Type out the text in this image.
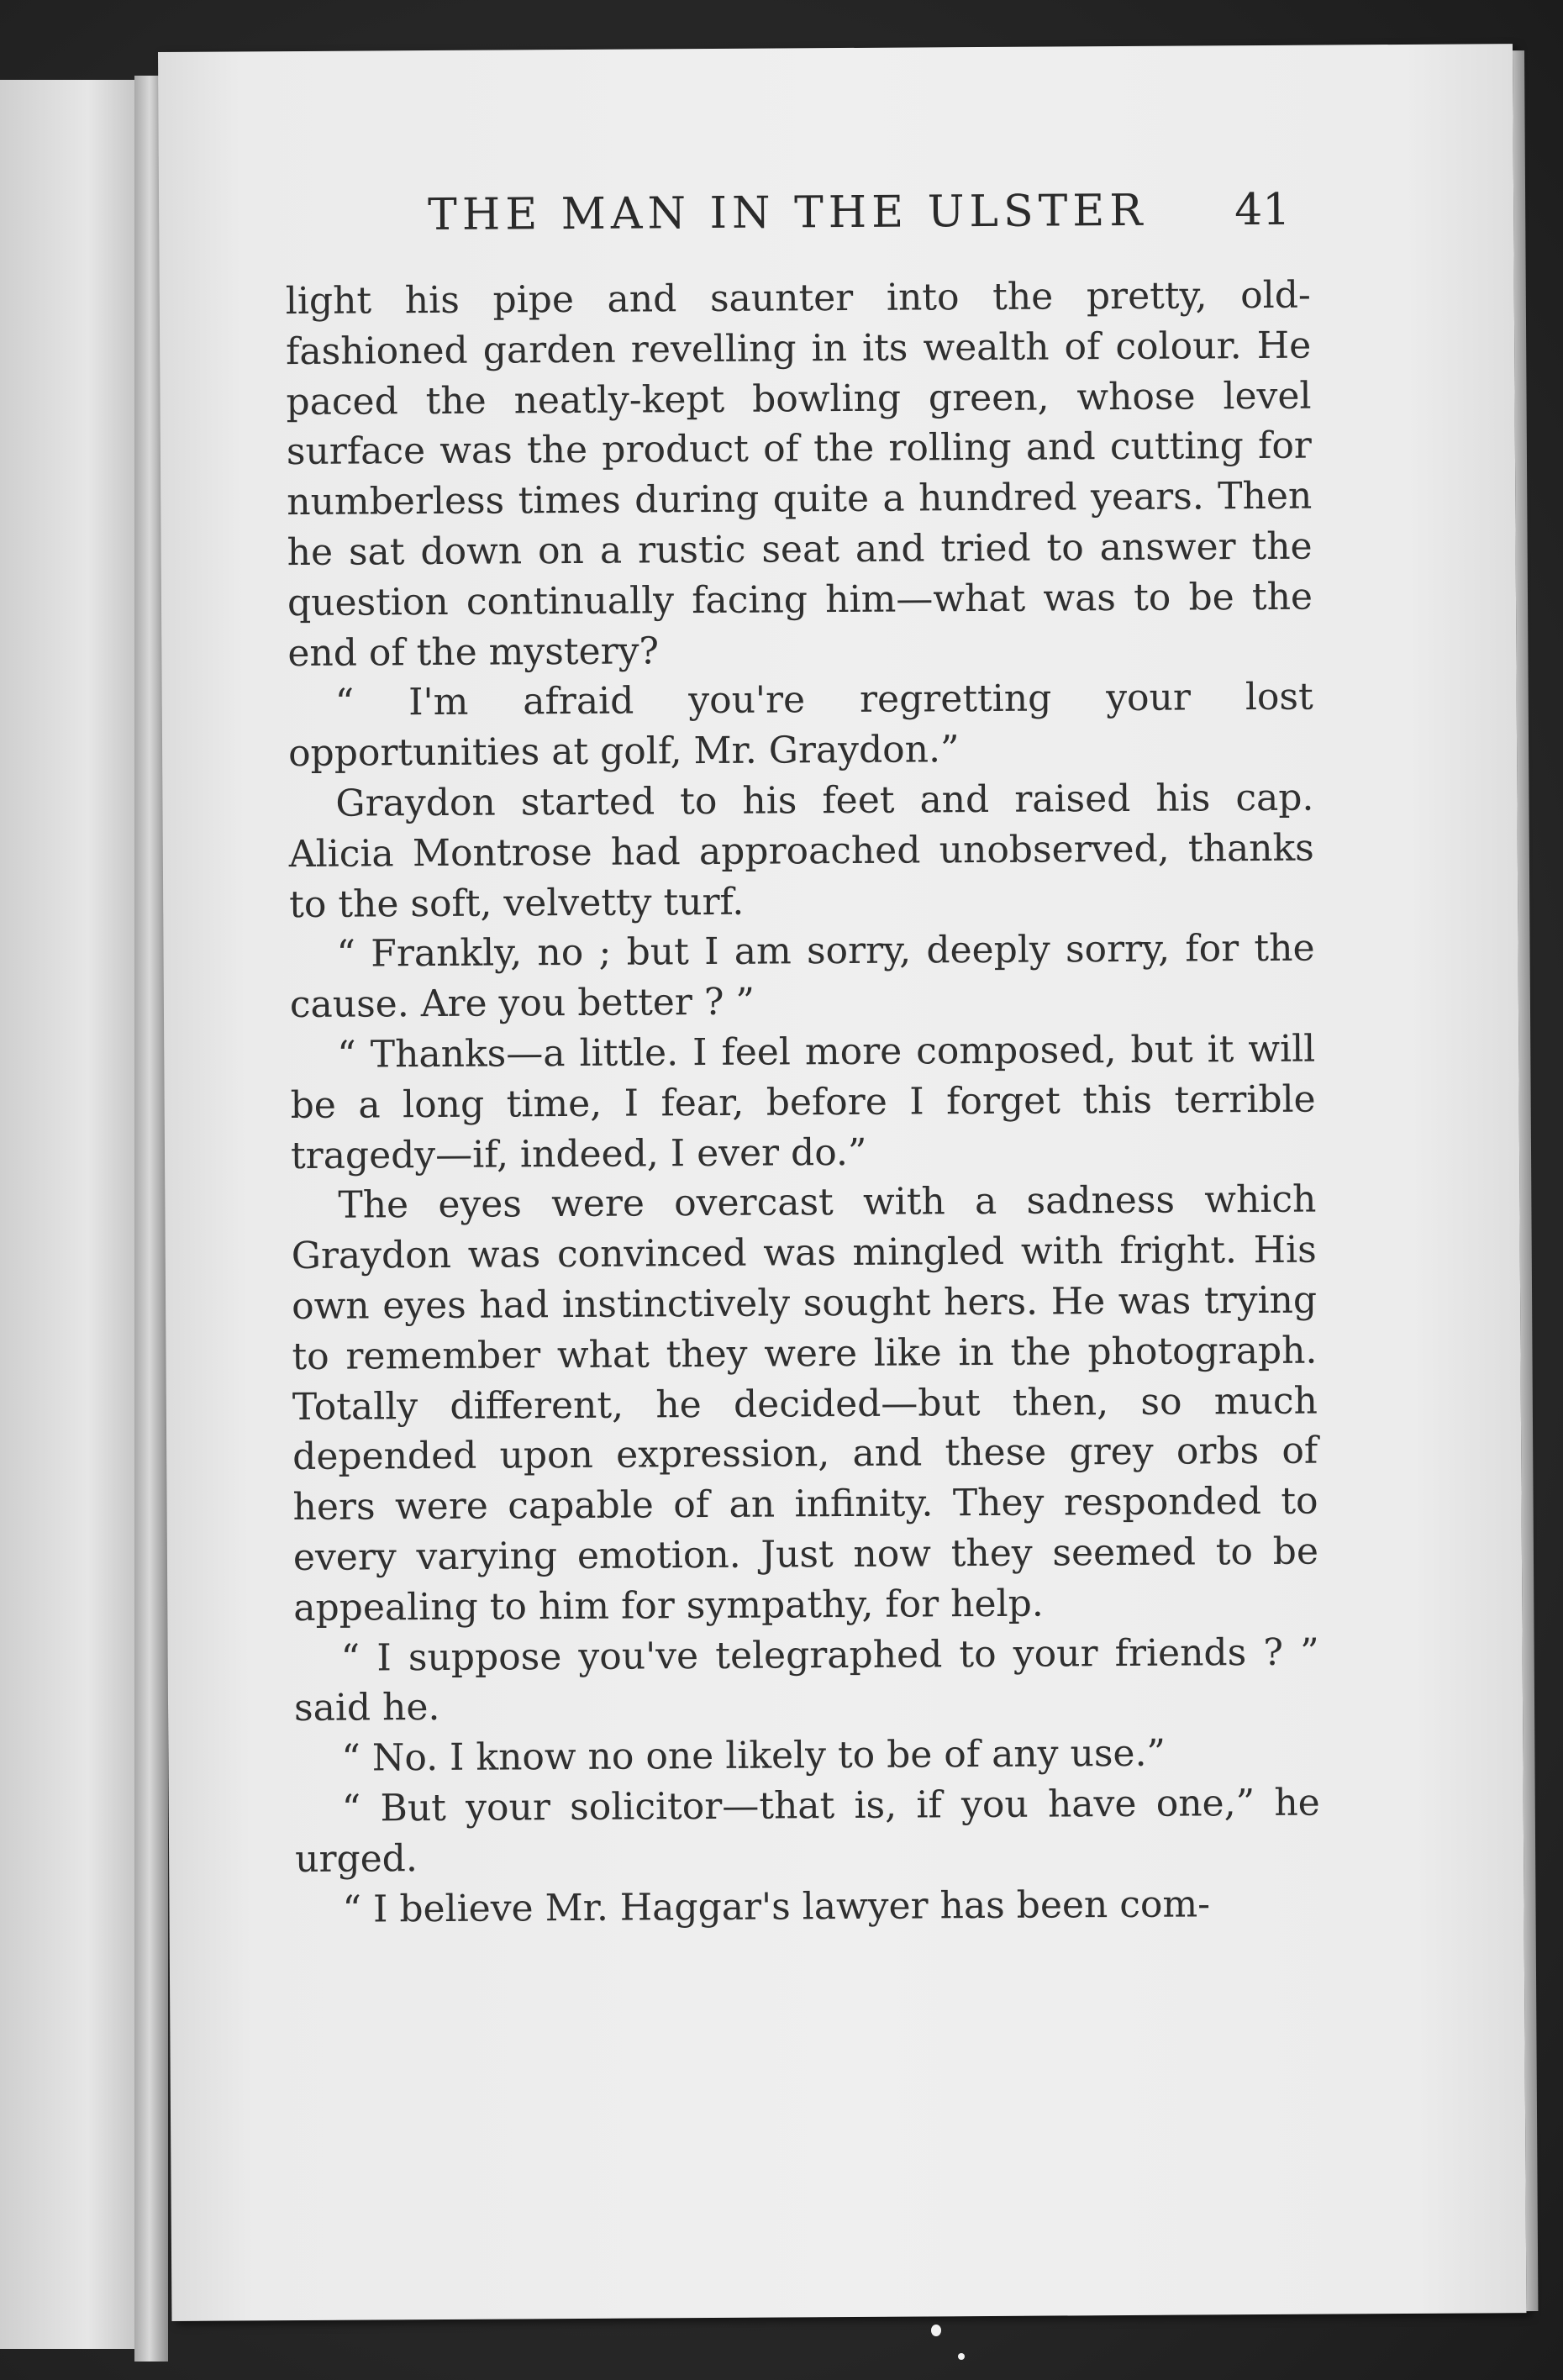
THE MAN IN THE ULSTER 41

light his pipe and saunter into the pretty, old-fashioned garden revelling in its wealth of colour. He paced the neatly-kept bowling green, whose level surface was the product of the rolling and cutting for numberless times during quite a hundred years. Then he sat down on a rustic seat and tried to answer the question continually facing him—what was to be the end of the mystery?

“ I'm afraid you're regretting your lost opportunities at golf, Mr. Graydon.”

Graydon started to his feet and raised his cap. Alicia Montrose had approached unobserved, thanks to the soft, velvetty turf.

“ Frankly, no ; but I am sorry, deeply sorry, for the cause. Are you better ? ”

“ Thanks—a little. I feel more composed, but it will be a long time, I fear, before I forget this terrible tragedy—if, indeed, I ever do.”

The eyes were overcast with a sadness which Graydon was convinced was mingled with fright. His own eyes had instinctively sought hers. He was trying to remember what they were like in the photograph. Totally different, he decided—but then, so much depended upon expression, and these grey orbs of hers were capable of an infinity. They responded to every varying emotion. Just now they seemed to be appealing to him for sympathy, for help.

“ I suppose you've telegraphed to your friends ? ” said he.

“ No. I know no one likely to be of any use.”

“ But your solicitor—that is, if you have one,” he urged.

“ I believe Mr. Haggar's lawyer has been com-
